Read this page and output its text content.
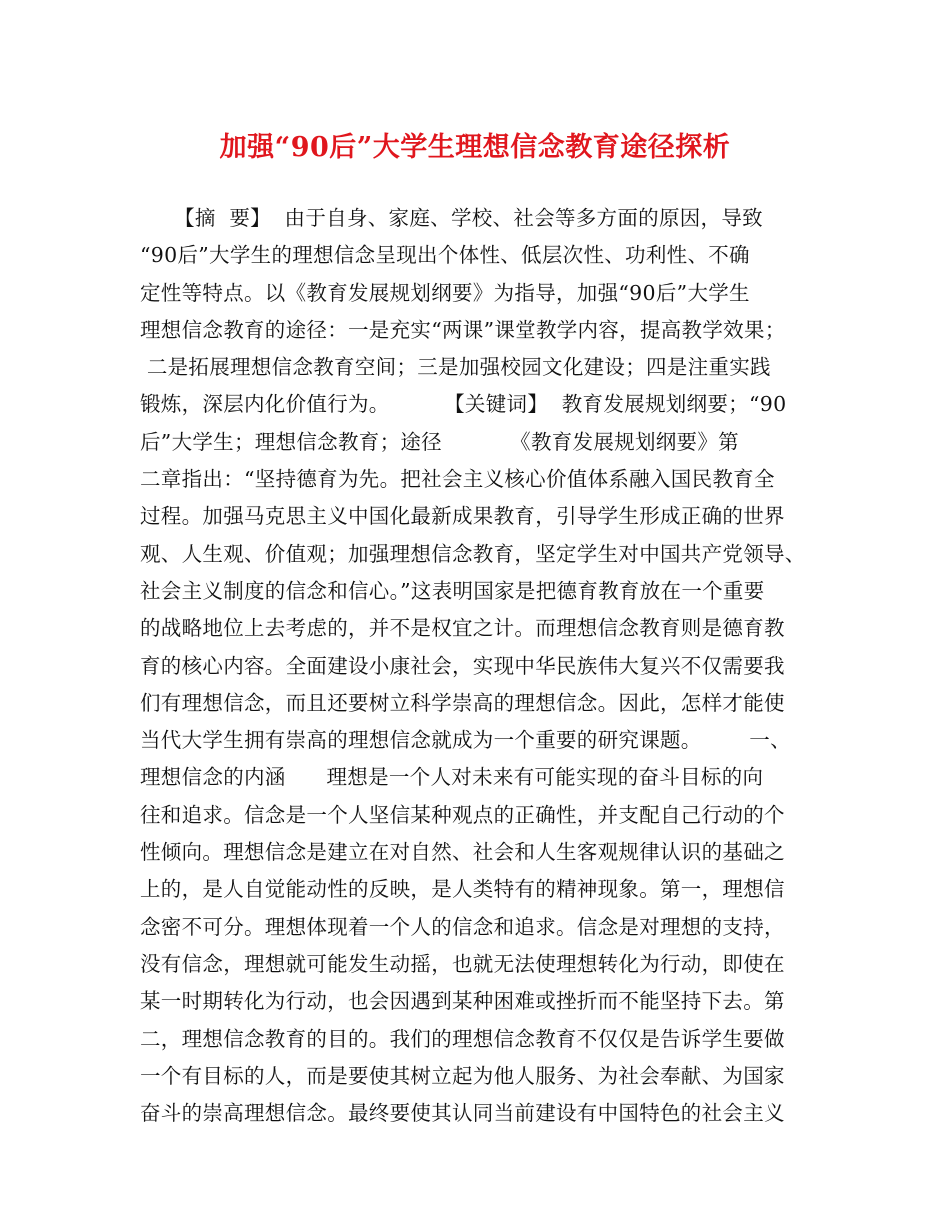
加强“90后”大学生理想信念教育途径探析
【摘  要】  由于自身、家庭、学校、社会等多方面的原因，导致
“90后”大学生的理想信念呈现出个体性、低层次性、功利性、不确
定性等特点。以《教育发展规划纲要》为指导，加强“90后”大学生
理想信念教育的途径：一是充实“两课”课堂教学内容，提高教学效果；
二是拓展理想信念教育空间；三是加强校园文化建设；四是注重实践
锻炼，深层内化价值行为。        【关键词】  教育发展规划纲要；“90
后”大学生；理想信念教育；途径          《教育发展规划纲要》第
二章指出：“坚持德育为先。把社会主义核心价值体系融入国民教育全
过程。加强马克思主义中国化最新成果教育，引导学生形成正确的世界
观、人生观、价值观；加强理想信念教育，坚定学生对中国共产党领导、
社会主义制度的信念和信心。”这表明国家是把德育教育放在一个重要
的战略地位上去考虑的，并不是权宜之计。而理想信念教育则是德育教
育的核心内容。全面建设小康社会，实现中华民族伟大复兴不仅需要我
们有理想信念，而且还要树立科学崇高的理想信念。因此，怎样才能使
当代大学生拥有崇高的理想信念就成为一个重要的研究课题。       一、
理想信念的内涵      理想是一个人对未来有可能实现的奋斗目标的向
往和追求。信念是一个人坚信某种观点的正确性，并支配自己行动的个
性倾向。理想信念是建立在对自然、社会和人生客观规律认识的基础之
上的，是人自觉能动性的反映，是人类特有的精神现象。第一，理想信
念密不可分。理想体现着一个人的信念和追求。信念是对理想的支持，
没有信念，理想就可能发生动摇，也就无法使理想转化为行动，即使在
某一时期转化为行动，也会因遇到某种困难或挫折而不能坚持下去。第
二，理想信念教育的目的。我们的理想信念教育不仅仅是告诉学生要做
一个有目标的人，而是要使其树立起为他人服务、为社会奉献、为国家
奋斗的崇高理想信念。最终要使其认同当前建设有中国特色的社会主义
